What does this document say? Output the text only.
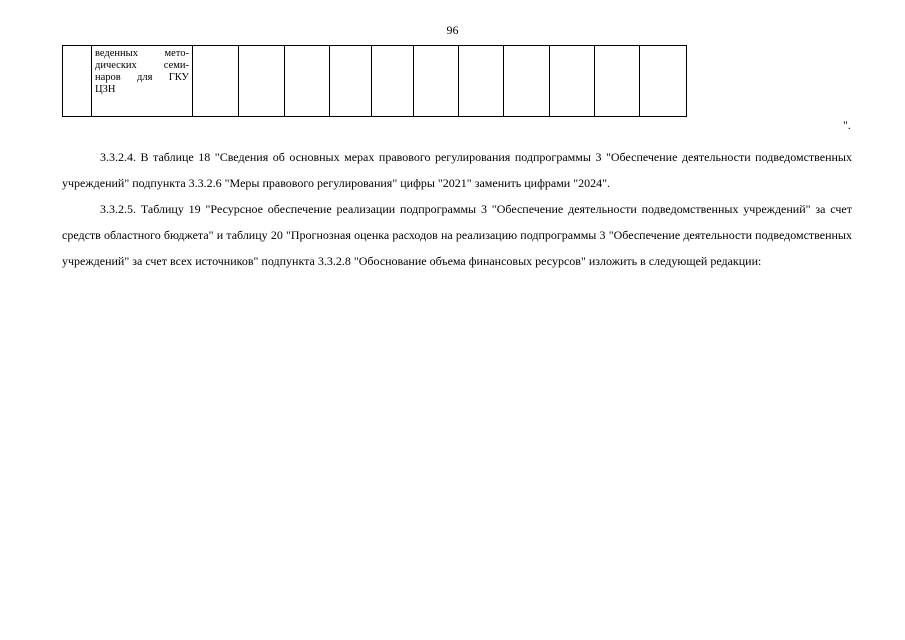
96

веденных мето-
дических семи-
наров для ГКУ
ЦЗН

".

3.3.2.4. В таблице 18 "Сведения об основных мерах правового регулирования подпрограммы 3 "Обеспечение деятельности подведомственных учреждений" подпункта 3.3.2.6 "Меры правового регулирования" цифры "2021" заменить цифрами "2024".

3.3.2.5. Таблицу 19 "Ресурсное обеспечение реализации подпрограммы 3 "Обеспечение деятельности подведомственных учреждений" за счет средств областного бюджета" и таблицу 20 "Прогнозная оценка расходов на реализацию подпрограммы 3 "Обеспечение деятельности подведомственных учреждений" за счет всех источников" подпункта 3.3.2.8 "Обоснование объема финансовых ресурсов" изложить в следующей редакции:
